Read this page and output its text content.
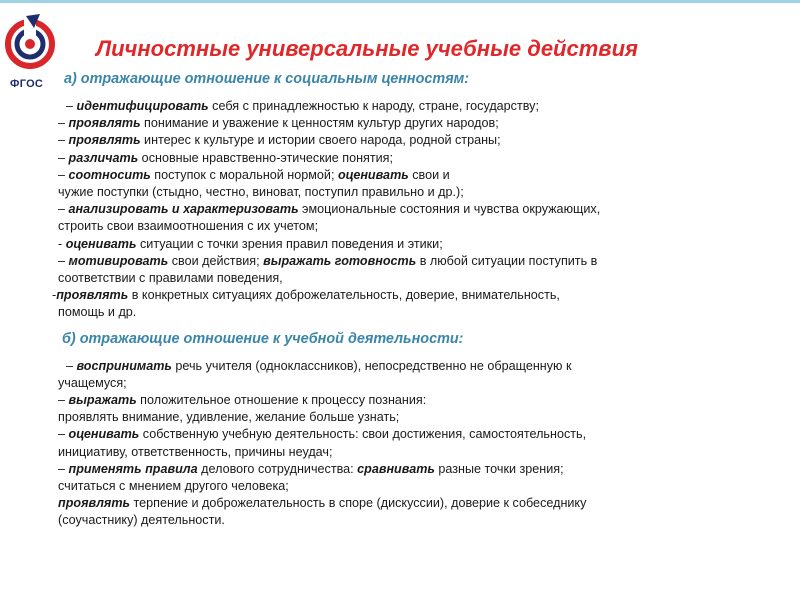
ФГОС
Личностные универсальные учебные действия
а) отражающие отношение к социальным ценностям:
– идентифицировать себя с принадлежностью к народу, стране, государству;
– проявлять понимание и уважение к ценностям культур других народов;
– проявлять интерес к культуре и истории своего народа, родной страны;
– различать основные нравственно-этические понятия;
– соотносить поступок с моральной нормой; оценивать свои и
чужие поступки (стыдно, честно, виноват, поступил правильно и др.);
– анализировать и характеризовать эмоциональные состояния и чувства окружающих,
строить свои взаимоотношения с их учетом;
- оценивать ситуации с точки зрения правил поведения и этики;
– мотивировать свои действия; выражать готовность в любой ситуации поступить в
соответствии с правилами поведения,
-проявлять в конкретных ситуациях доброжелательность, доверие, внимательность,
помощь и др.
б) отражающие отношение к учебной деятельности:
– воспринимать речь учителя (одноклассников), непосредственно не обращенную к
учащемуся;
– выражать положительное отношение к процессу познания:
проявлять внимание, удивление, желание больше узнать;
– оценивать собственную учебную деятельность: свои достижения, самостоятельность,
инициативу, ответственность, причины неудач;
– применять правила делового сотрудничества: сравнивать разные точки зрения;
считаться с мнением другого человека;
проявлять терпение и доброжелательность в споре (дискуссии), доверие к собеседнику
(соучастнику) деятельности.
